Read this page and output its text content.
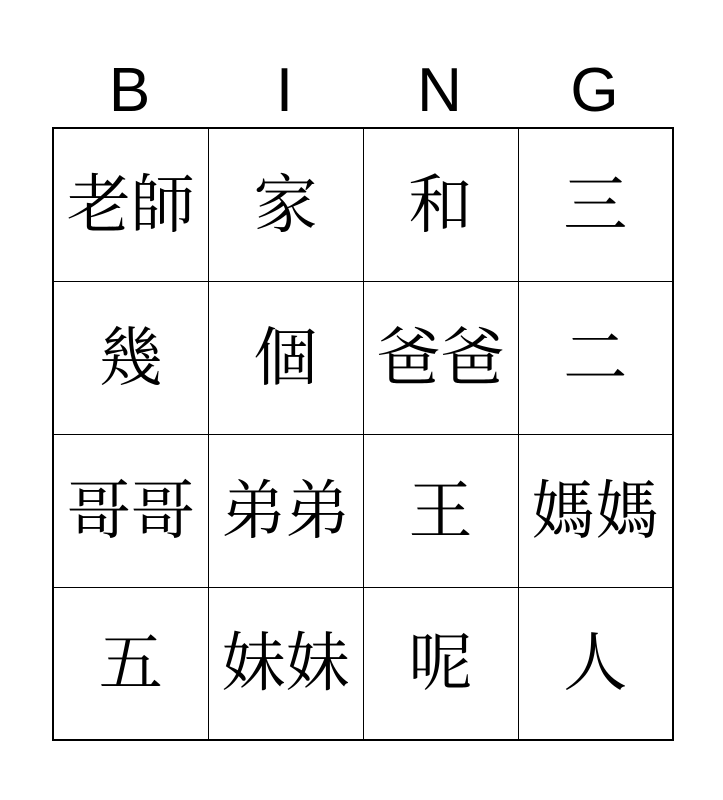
B	I	N	G
老師	家	和	三
幾	個	爸爸	二
哥哥	弟弟	王	媽媽
五	妹妹	呢	人
